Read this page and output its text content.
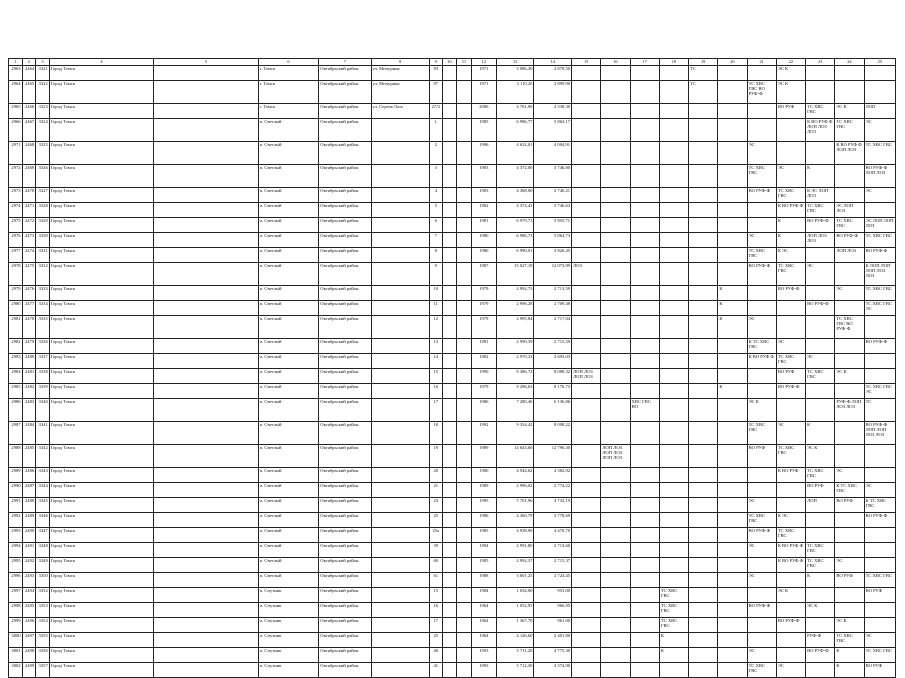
1	2	3	4	5	6	7	8	9	10	11	12	13	14	15	16	17	18	19	20	21	22	23	24	25
2963	2464	3321	Город Томск		г. Томск	Октябрьский район	ул. Мичурина	83			1971	3 086,30	2 878,50					ТС			ЭС К			
2964	2465	3322	Город Томск		г. Томск	Октябрьский район	ул. Мичурина	97			1971	3 110,20	2 899,90					ТС		ТС ХВС ГВС ВО РУФ-Ф	ЭС К			
2965	2466	3323	Город Томск		г. Томск	Октябрьский район	ул. Сергея Лазо	27/3			2006	4 761,90	4 338,30								ВО РУФ	ТС ХВС ГВС	ЭС К	ЛОП
2966	2467	3324	Город Томск		п. Светлый	Октябрьский район		1			1985	6 986,77	5 863,17									К ВО РУФ Ф ЛОП ЛОЗ ЛОЗ	ТС ХВС ГВС	ЭС
2971	2468	3325	Город Томск		п. Светлый	Октябрьский район		2			1996	4 632,01	4 004,91							ЭС			К ВО РУФ Ф ЛОП ЛОЗ	ТС ХВС ГВС
2972	2469	3326	Город Томск		п. Светлый	Октябрьский район		3			1983	4 372,00	3 746,80							ТС ХВС ГВС	ЭС	К		ВО РУФ-Ф ЛОП ЛОЗ
2973	2470	3327	Город Томск		п. Светлый	Октябрьский район		4			1983	4 368,00	3 746,21							ВО РУФ-Ф	ТС ХВС ГВС	К ЭС ЛОП ЛОЗ		ЭС
2974	2471	3328	Город Томск		п. Светлый	Октябрьский район		5			1982	4 374,43	3 746,63								К ВО РУФ Ф	ТС ХВС ГВС	ЭС ЛОП ЛОЗ	
2975	2472	3329	Город Томск		п. Светлый	Октябрьский район		6			1981	6 979,71	5 855,71								К	ВО РУФ-Ф	ТС ХВС ГВС	ЭС ЛОП ЛОП ЛОЗ
2976	2473	3330	Город Томск		п. Светлый	Октябрьский район		7			1980	6 986,73	5 864,73							ЭС	К	ЛОП ЛОЗ ЛОЗ	ВО РУФ-Ф	ТС ХВС ГВС
2977	2474	3331	Город Томск		п. Светлый	Октябрьский район		8			1980	6 990,01	5 826,45							ТС ХВС ГВС	К ЭС		ЛОП ЛОЗ	ВО РУФ-Ф
2978	2475	3332	Город Томск		п. Светлый	Октябрьский район		9			1987	15 027,18	12 073,99	ЛОЗ						ВО РУФ-Ф	ТС ХВС ГВС	ЭС		К ЛОП ЛОП ЛОП ЛОЗ ЛОЗ
2979	2476	3333	Город Томск		п. Светлый	Октябрьский район		10			1979	2 992,73	2 713,59						К		ВО РУФ-Ф		ЭС	ТС ХВС ГВС
2980	2477	3334	Город Томск		п. Светлый	Октябрьский район		11			1979	2 996,28	2 709,48						К			ВО РУФ-Ф		ТС ХВС ГВС ЭС
2981	2478	3335	Город Томск		п. Светлый	Октябрьский район		12			1979	2 995,84	2 717,04						К	ЭС			ТС ХВС ГВС ВО РУФ-Ф	
2982	2479	3336	Город Томск		п. Светлый	Октябрьский район		13			1981	2 990,39	2 715,59							К ТС ХВС ГВС	ЭС			ВО РУФ-Ф
2983	2480	3337	Город Томск		п. Светлый	Октябрьский район		14			1982	2 970,33	2 693,03							К ВО РУФ Ф	ТС ХВС ГВС	ЭС		
2984	2481	3338	Город Томск		п. Светлый	Октябрьский район		15			1990	9 386,72	8 088,32	ЛОП ЛОЗ ЛОП ЛОЗ							ВО РУФ	ТС ХВС ГВС	ЭС К	
2985	2482	3339	Город Томск		п. Светлый	Октябрьский район		16			1979	9 296,63	8 176,73						К		ВО РУФ-Ф			ТС ХВС ГВС ЭС
2986	2483	3340	Город Томск		п. Светлый	Октябрьский район		17			1986	7 280,46	6 136,86			ХВС ГВС ВО				ЭС К			РУФ-Ф ЛОП ЛОЗ ЛОЗ	ТС
2987	2484	3341	Город Томск		п. Светлый	Октябрьский район		18			1992	9 354,42	8 098,22							ТС ХВС ГВС	ЭС	К		ВО РУФ-Ф ЛОП ЛОП ЛОЗ ЛОЗ
2988	2485	3342	Город Томск		п. Светлый	Октябрьский район		19			1989	14 643,60	12 796,30		ЛОП ЛОЗ ЛОП ЛОЗ ЛОП ЛОЗ					ВО РУФ	ТС ХВС ГВС	ЭС К		
2989	2486	3343	Город Томск		п. Светлый	Октябрьский район		20			1980	4 944,62	4 382,92								К ВО РУФ	ТС ХВС ГВС	ЭС	
2990	2487	3344	Город Томск		п. Светлый	Октябрьский район		21			1989	2 996,02	2 774,22									ВО РУФ	К ТС ХВС ГВС	ЭС
2991	2488	3345	Город Томск		п. Светлый	Октябрьский район		23			1995	5 701,96	4 732,19							ЭС		ЛОП	ВО РУФ	К ТС ХВС ГВС
2992	2489	3346	Город Томск		п. Светлый	Октябрьский район		25			1986	4 360,79	3 778,69							ТС ХВС ГВС	К ЭС			ВО РУФ-Ф
2993	2490	3347	Город Томск		п. Светлый	Октябрьский район		25а			1985	4 938,90	4 470,70							ВО РУФ-Ф	ТС ХВС ГВС			
2994	2491	3348	Город Томск		п. Светлый	Октябрьский район		39			1994	2 991,80	2 713,60							ЭС	К ВО РУФ Ф	ТС ХВС ГВС		
2995	2492	3349	Город Томск		п. Светлый	Октябрьский район		60			1985	2 992,37	2 715,37								К ВО РУФ Ф	ТС ХВС ГВС	ЭС	
2996	2493	3350	Город Томск		п. Светлый	Октябрьский район		61			1988	3 001,25	2 724,45							ЭС		К	ВО РУФ	ТС ХВС ГВС
2997	2494	3352	Город Томск		п. Спутник	Октябрьский район		15			1984	1 034,00	953,00				ТС ХВС ГВС				ЭС К			ВО РУФ
2998	2495	3353	Город Томск		п. Спутник	Октябрьский район		16			1964	1 052,95	966,95				ТС ХВС ГВС			ВО РУФ-Ф		ЭС К		
2999	2496	3354	Город Томск		п. Спутник	Октябрьский район		17			1964	1 367,70	961,00				ТС ХВС ГВС				ВО РУФ-Ф		ЭС К	
3000	2497	3355	Город Томск		п. Спутник	Октябрьский район		25			1964	4 126,60	2 401,80				К					РУФ-Ф	ТС ХВС ГВС	ЭС
3001	2498	3356	Город Томск		п. Спутник	Октябрьский район		40			1993	5 711,20	4 775,30				К			ЭС		ВО РУФ-Ф	К	ТС ХВС ГВС
3002	2499	3357	Город Томск		п. Спутник	Октябрьский район		41			1993	5 712,30	4 374,90							ТС ХВС ГВС	ЭС		К	ВО РУФ
